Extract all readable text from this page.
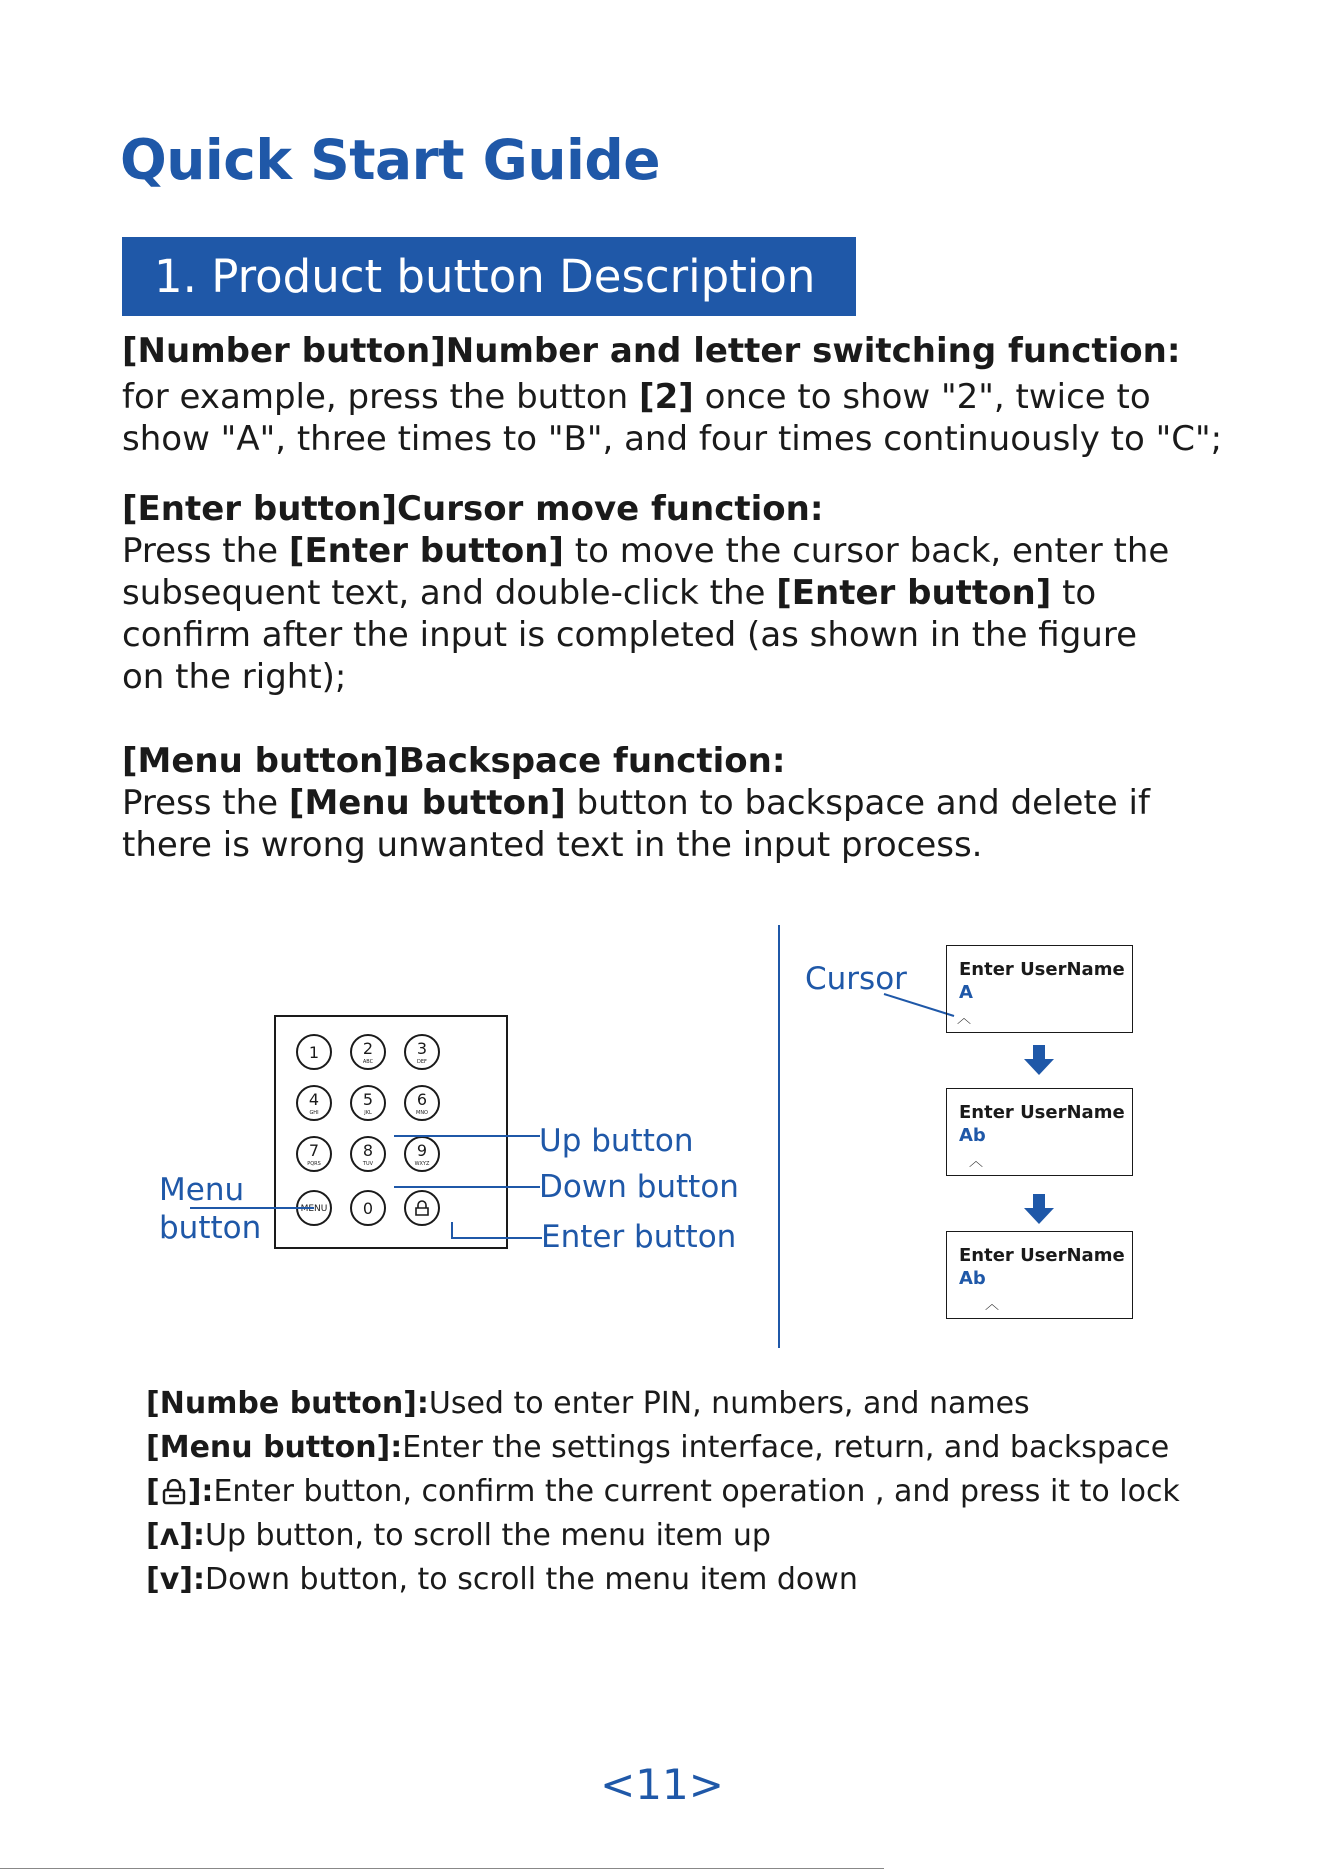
Quick Start Guide
1. Product button Description

[Number button]Number and letter switching function:

for example, press the button [2] once to show "2", twice to

show "A", three times to "B", and four times continuously to "C";

[Enter button]Cursor move function:

Press the [Enter button] to move the cursor back, enter the

subsequent text, and double-click the [Enter button] to

confirm after the input is completed (as shown in the figure

on the right);

[Menu button]Backspace function:

Press the [Menu button] button to backspace and delete if

there is wrong unwanted text in the input process.

1	2
ABC
3
DEF
4
GHI
5
JKL
6
MNO
7
PQRS
8
TUV
9
WXYZ
MENU 0
Menu
button
Up button
Down button
Enter button
Cursor	Enter UserName
A
︿
Enter UserName
Ab
︿
Enter UserName
Ab
︿

[Numbe button]:Used to enter PIN, numbers, and names

[Menu button]:Enter the settings interface, return, and backspace

[ ]:Enter button, confirm the current operation , and press it to lock

[ʌ]:Up button, to scroll the menu item up

[v]:Down button, to scroll the menu item down

<11>
